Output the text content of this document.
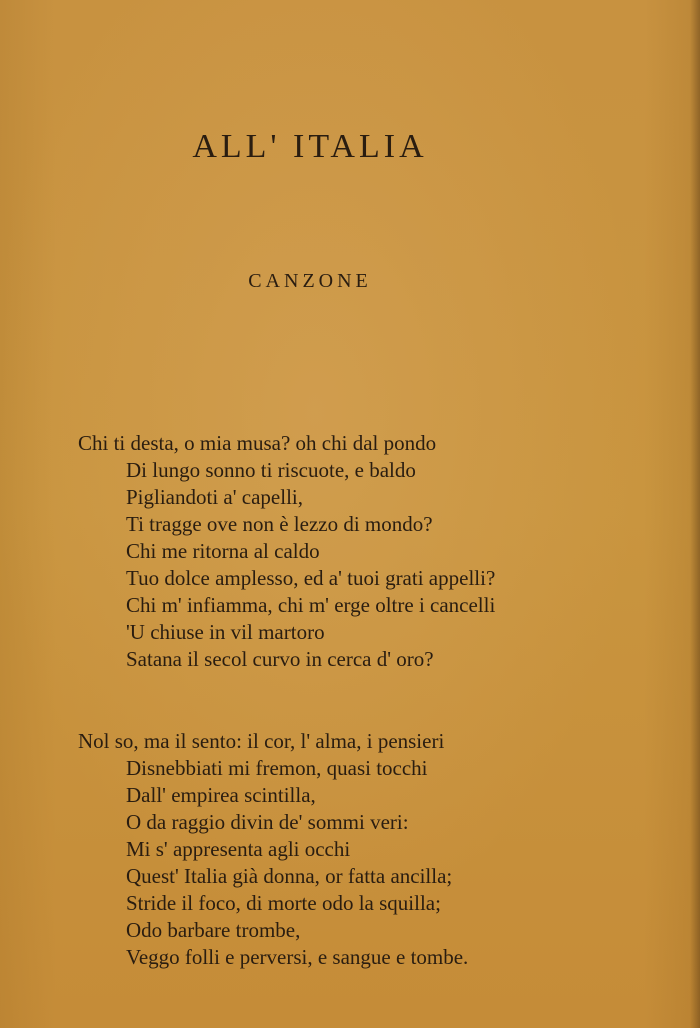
ALL' ITALIA
CANZONE

Chi ti desta, o mia musa? oh chi dal pondo

Di lungo sonno ti riscuote, e baldo

Pigliandoti a' capelli,

Ti tragge ove non è lezzo di mondo?

Chi me ritorna al caldo

Tuo dolce amplesso, ed a' tuoi grati appelli?

Chi m' infiamma, chi m' erge oltre i cancelli

'U chiuse in vil martoro

Satana il secol curvo in cerca d' oro?

Nol so, ma il sento: il cor, l' alma, i pensieri

Disnebbiati mi fremon, quasi tocchi

Dall' empirea scintilla,

O da raggio divin de' sommi veri:

Mi s' appresenta agli occhi

Quest' Italia già donna, or fatta ancilla;

Stride il foco, di morte odo la squilla;

Odo barbare trombe,

Veggo folli e perversi, e sangue e tombe.
